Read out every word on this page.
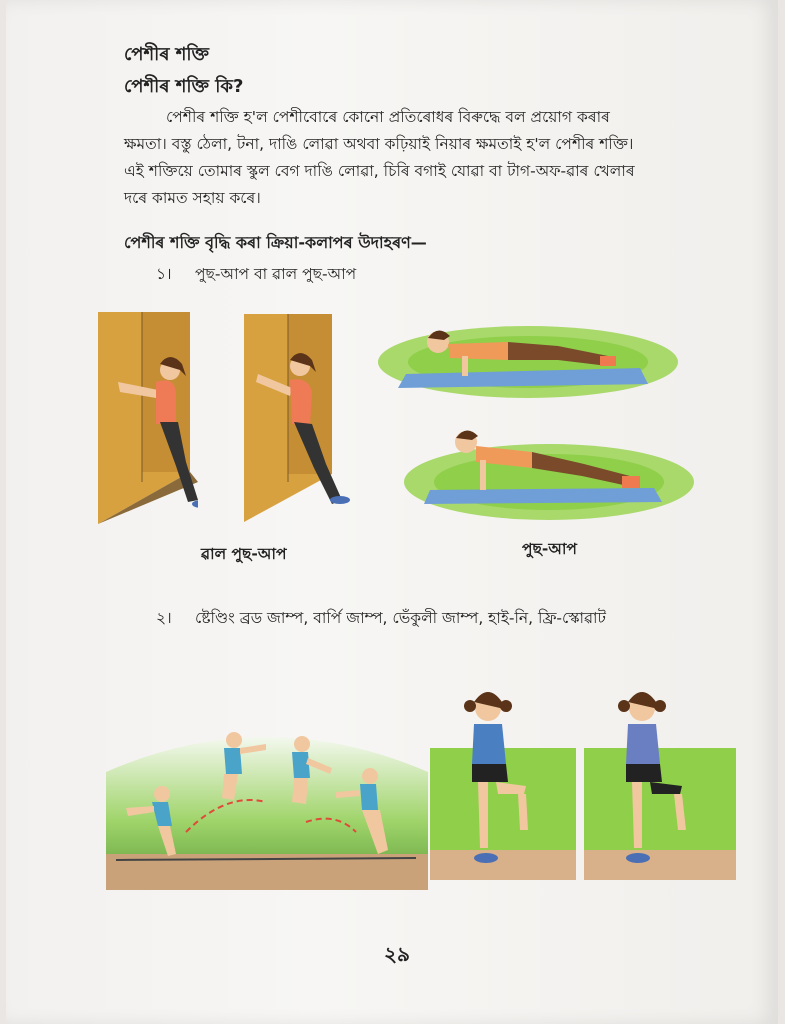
পেশীৰ শক্তি
পেশীৰ শক্তি কি?
পেশীৰ শক্তি হ'ল পেশীবোৰে কোনো প্ৰতিৰোধৰ বিৰুদ্ধে বল প্ৰয়োগ কৰাৰ
ক্ষমতা। বস্তু ঠেলা, টনা, দাঙি লোৱা অথবা কঢ়িয়াই নিয়াৰ ক্ষমতাই হ'ল পেশীৰ শক্তি।
এই শক্তিয়ে তোমাৰ স্কুল বেগ দাঙি লোৱা, চিৰি বগাই যোৱা বা টাগ-অফ-ৱাৰ খেলাৰ
দৰে কামত সহায় কৰে।
পেশীৰ শক্তি বৃদ্ধি কৰা ক্ৰিয়া-কলাপৰ উদাহৰণ—
১। পুছ-আপ বা ৱাল পুছ-আপ
ৱাল পুছ-আপ	পুছ-আপ
২। ষ্টেণ্ডিং ব্ৰড জাম্প, বাৰ্পি জাম্প, ভেঁকুলী জাম্প, হাই-নি, ফ্ৰি-স্কোৱাট
২৯
